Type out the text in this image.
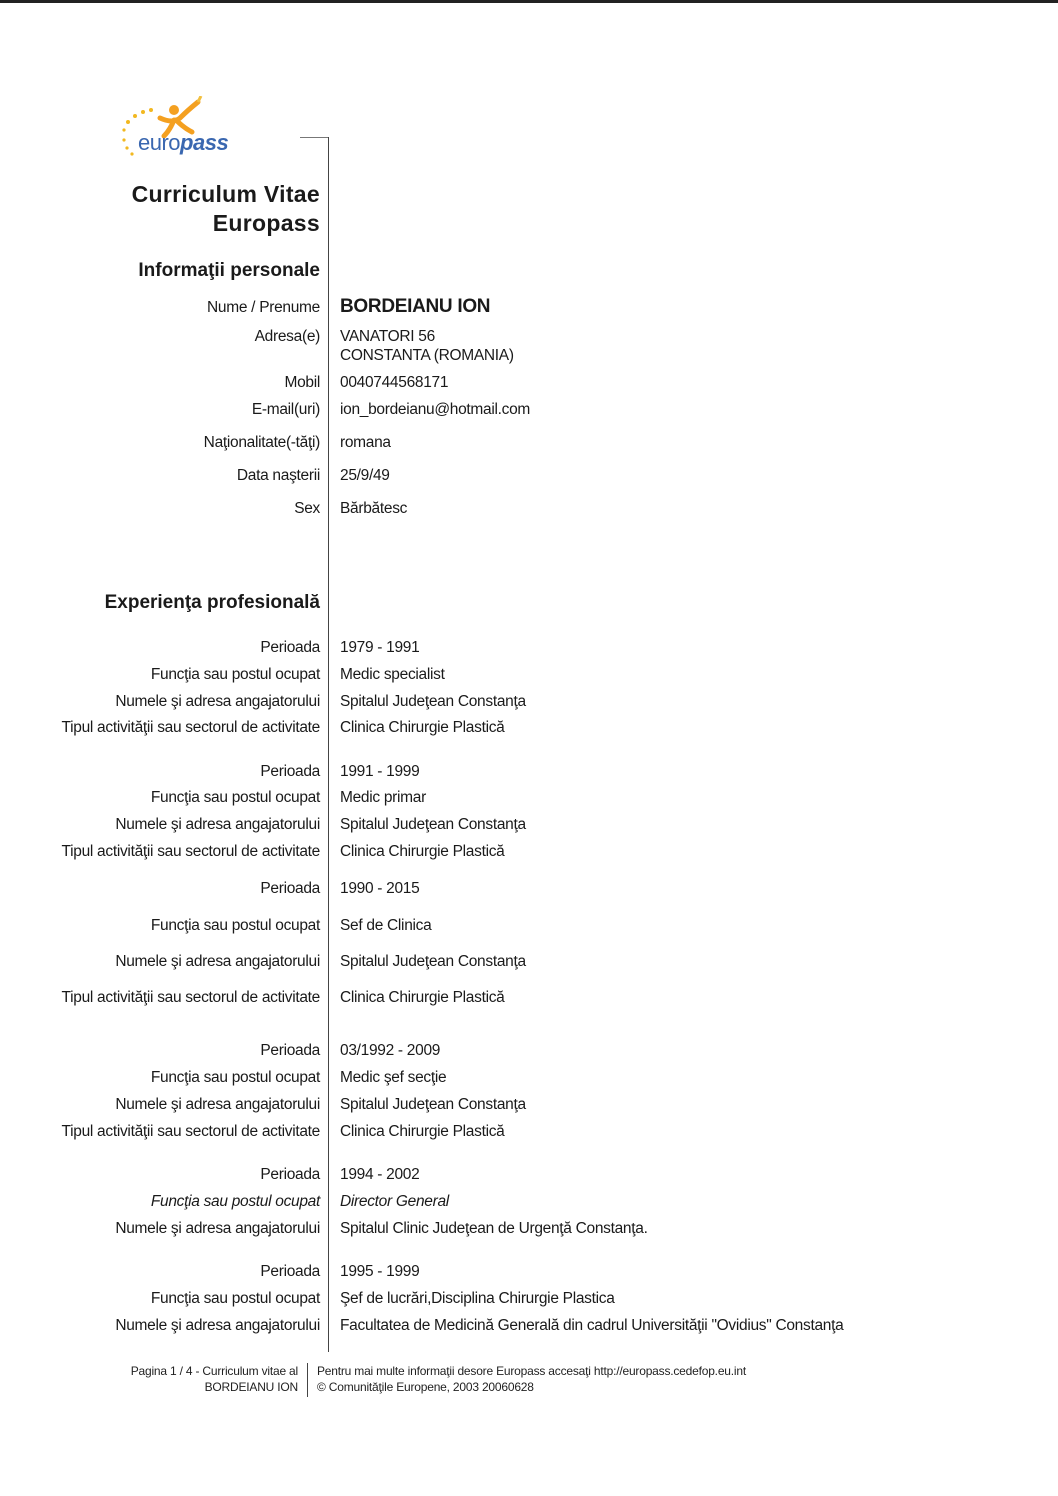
europass
Curriculum Vitae
Europass
Informaţii personale
Nume / Prenume BORDEIANU ION
Adresa(e) VANATORI 56
CONSTANTA (ROMANIA)
Mobil 0040744568171
E-mail(uri) ion_bordeianu@hotmail.com
Naţionalitate(-tăţi) romana
Data naşterii 25/9/49
Sex Bărbătesc
Experienţa profesională
Perioada 1979 - 1991
Funcţia sau postul ocupat Medic specialist
Numele şi adresa angajatorului Spitalul Judeţean Constanţa
Tipul activităţii sau sectorul de activitate Clinica Chirurgie Plastică
Perioada 1991 - 1999
Funcţia sau postul ocupat Medic primar
Numele şi adresa angajatorului Spitalul Judeţean Constanţa
Tipul activităţii sau sectorul de activitate Clinica Chirurgie Plastică
Perioada 1990 - 2015
Funcţia sau postul ocupat Sef de Clinica
Numele şi adresa angajatorului Spitalul Judeţean Constanţa
Tipul activităţii sau sectorul de activitate Clinica Chirurgie Plastică
Perioada 03/1992 - 2009
Funcţia sau postul ocupat Medic şef secţie
Numele şi adresa angajatorului Spitalul Judeţean Constanţa
Tipul activităţii sau sectorul de activitate Clinica Chirurgie Plastică
Perioada 1994 - 2002
Funcţia sau postul ocupat Director General
Numele şi adresa angajatorului Spitalul Clinic Judeţean de Urgenţă Constanţa.
Perioada 1995 - 1999
Funcţia sau postul ocupat Şef de lucrări,Disciplina Chirurgie Plastica
Numele şi adresa angajatorului Facultatea de Medicină Generală din cadrul Universităţii "Ovidius" Constanţa
Pagina 1 / 4 - Curriculum vitae al
BORDEIANU ION
Pentru mai multe informaţii desore Europass accesaţi http://europass.cedefop.eu.int
© Comunităţile Europene, 2003 20060628
